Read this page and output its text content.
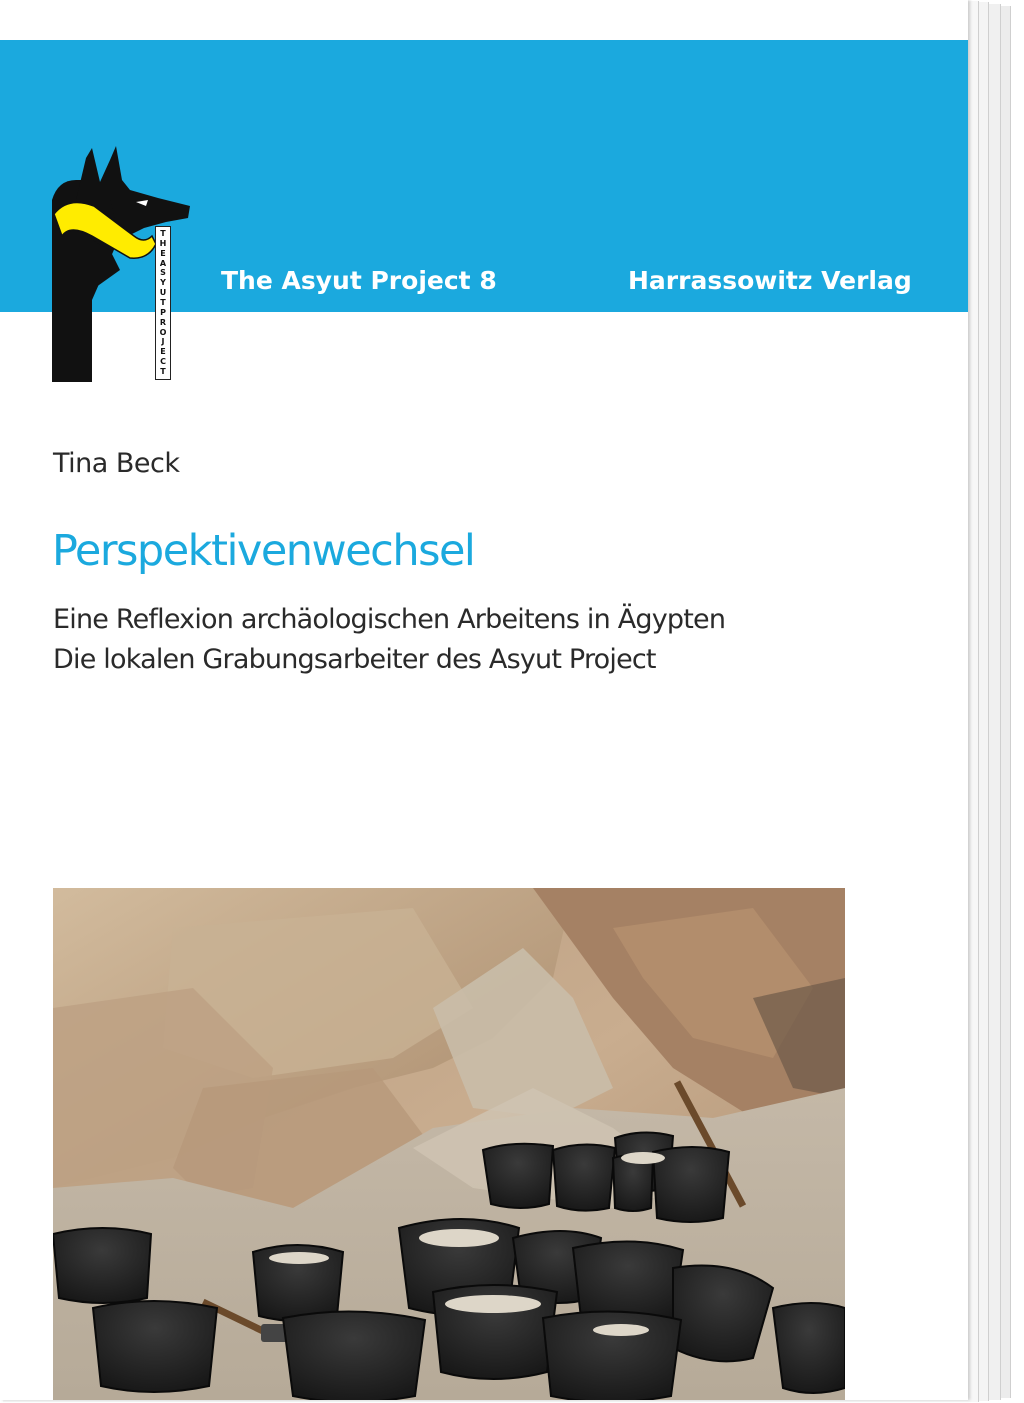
T
H
E
A
S
Y
U
T
P
R
O
J
E
C
T
The Asyut Project 8	Harrassowitz Verlag
Tina Beck
Perspektivenwechsel
Eine Reflexion archäologischen Arbeitens in Ägypten
Die lokalen Grabungsarbeiter des Asyut Project
